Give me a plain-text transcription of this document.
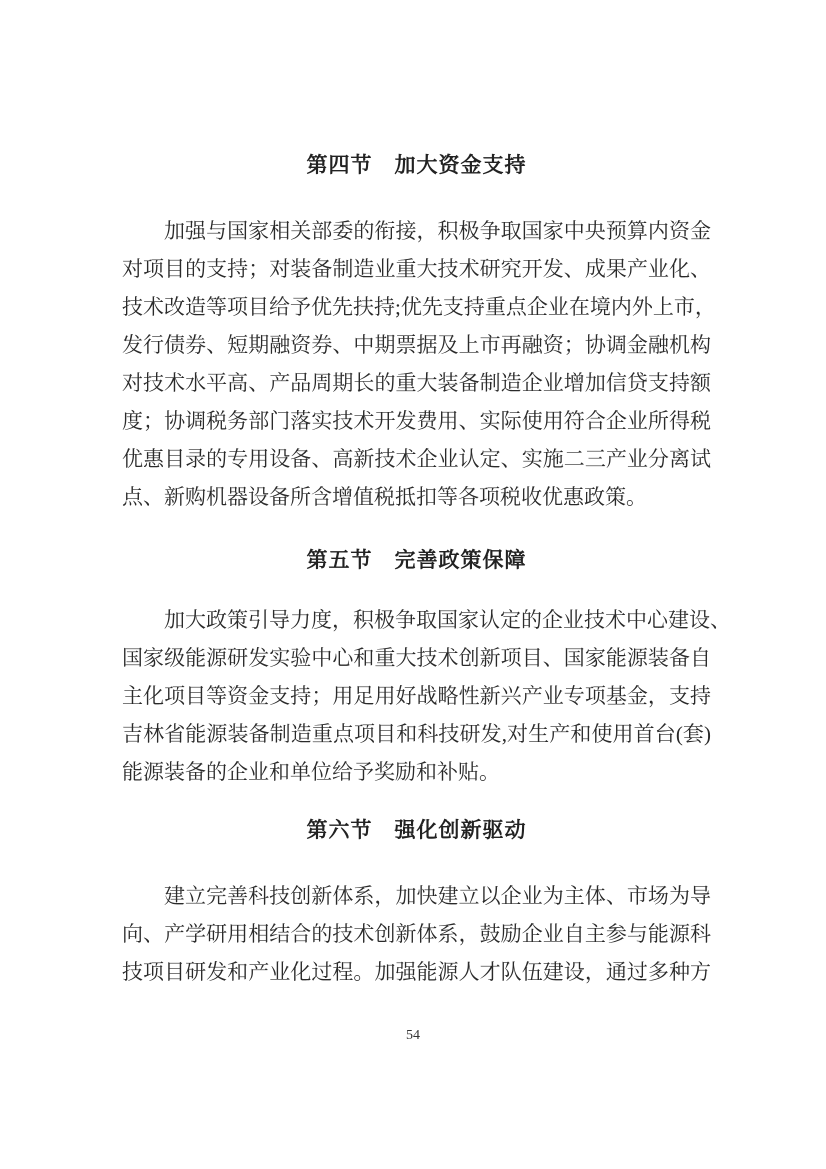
第四节　加大资金支持
加强与国家相关部委的衔接，积极争取国家中央预算内资金
对项目的支持；对装备制造业重大技术研究开发、成果产业化、
技术改造等项目给予优先扶持;优先支持重点企业在境内外上市，
发行债券、短期融资券、中期票据及上市再融资；协调金融机构
对技术水平高、产品周期长的重大装备制造企业增加信贷支持额
度；协调税务部门落实技术开发费用、实际使用符合企业所得税
优惠目录的专用设备、高新技术企业认定、实施二三产业分离试
点、新购机器设备所含增值税抵扣等各项税收优惠政策。
第五节　完善政策保障
加大政策引导力度，积极争取国家认定的企业技术中心建设、
国家级能源研发实验中心和重大技术创新项目、国家能源装备自
主化项目等资金支持；用足用好战略性新兴产业专项基金，支持
吉林省能源装备制造重点项目和科技研发,对生产和使用首台(套)
能源装备的企业和单位给予奖励和补贴。
第六节　强化创新驱动
建立完善科技创新体系，加快建立以企业为主体、市场为导
向、产学研用相结合的技术创新体系，鼓励企业自主参与能源科
技项目研发和产业化过程。加强能源人才队伍建设，通过多种方
54
